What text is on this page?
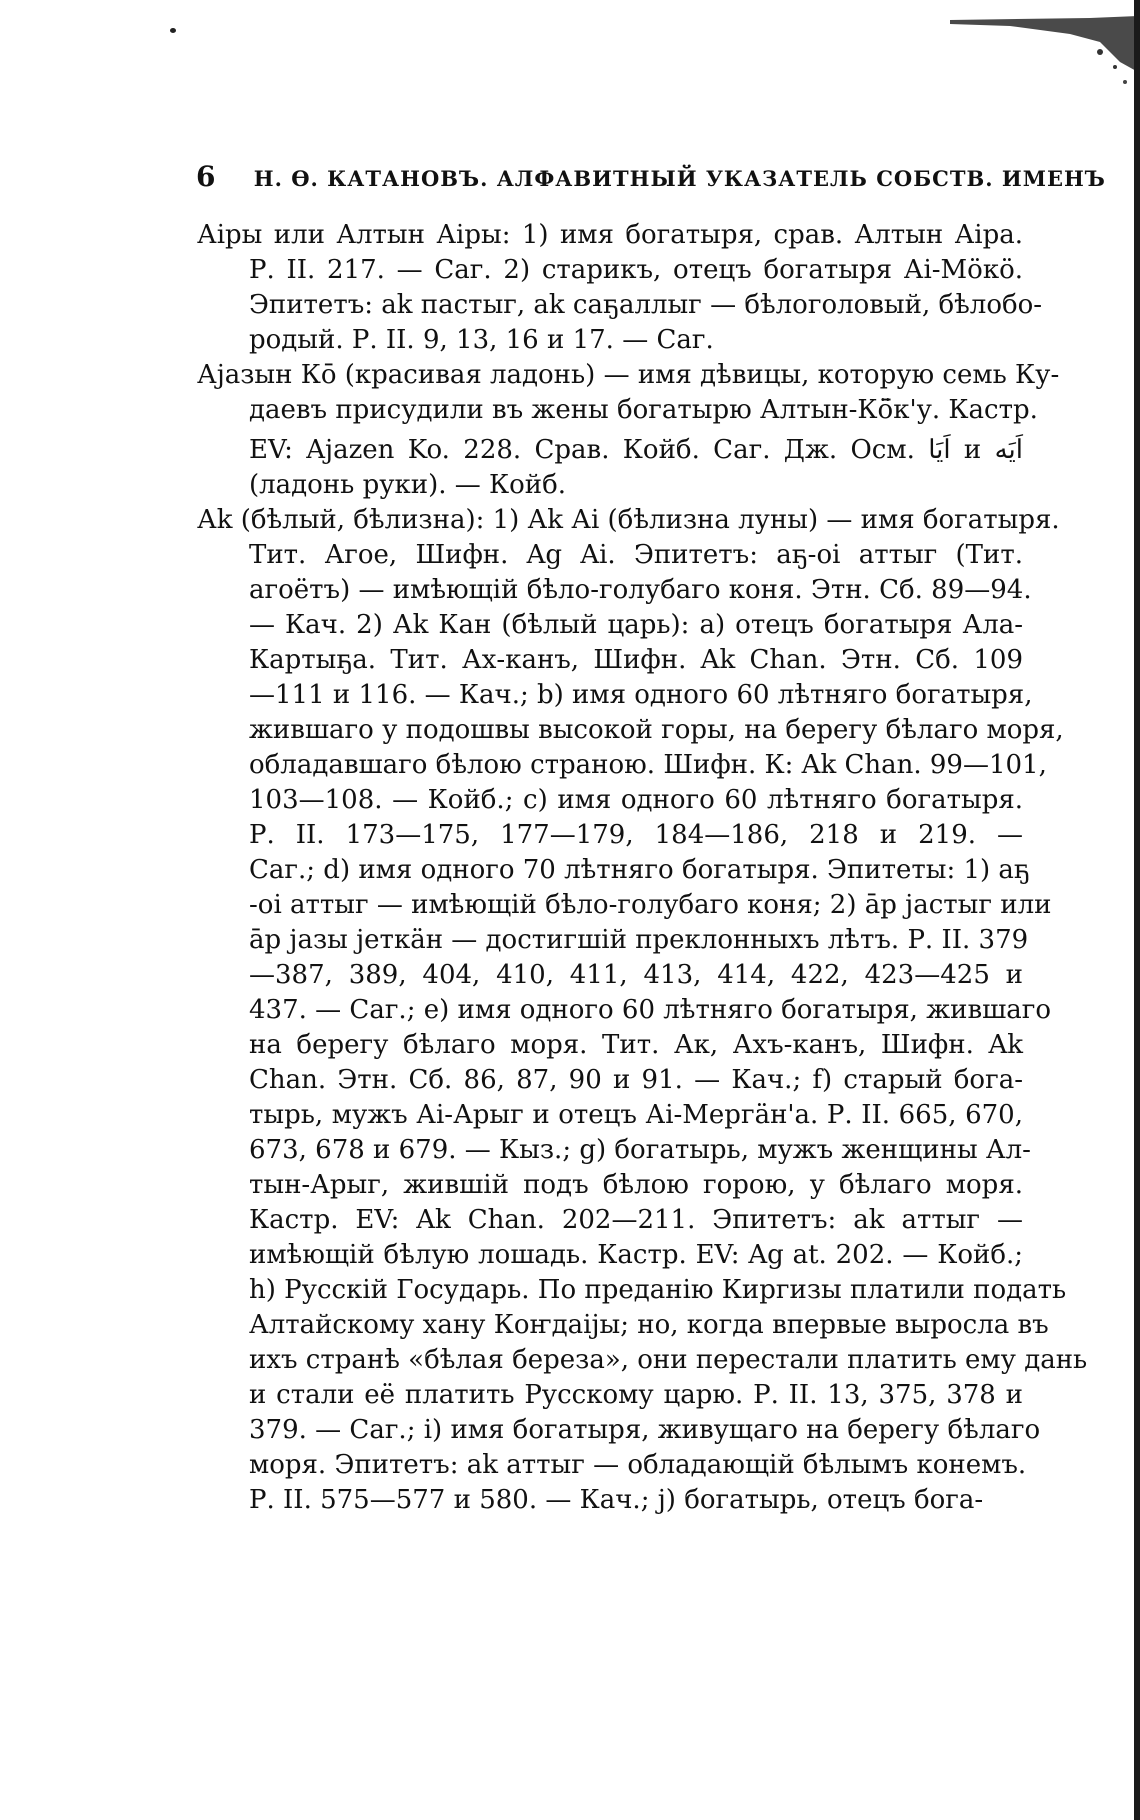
6 Н. Ѳ. КАТАНОВЪ. АЛФАВИТНЫЙ УКАЗАТЕЛЬ СОБСТВ. ИМЕНЪ
Аіры или Алтын Аіры: 1) имя богатыря, срав. Алтын Аіра.
Р. II. 217. — Саг. 2) старикъ, отецъ богатыря Аі-Мӧкӧ.
Эпитетъ: аk пастыг, аk саҕаллыг — бѣлоголовый, бѣлобо-
родый. Р. II. 9, 13, 16 и 17. — Саг.
Ајазын Кō (красивая ладонь) — имя дѣвицы, которую семь Ку-
даевъ присудили въ жены богатырю Алтын-Кӧ̄к'у. Кастр.
EV: Ajazen Ko. 228. Срав. Койб. Саг. Дж. Осм. اَيَا и اَيَه
(ладонь руки). — Койб.
Аk (бѣлый, бѣлизна): 1) Аk Аі (бѣлизна луны) — имя богатыря.
Тит. Агое, Шифн. Ag Ai. Эпитетъ: аҕ-оі аттыг (Тит.
агоётъ) — имѣющій бѣло-голубаго коня. Этн. Сб. 89—94.
— Кач. 2) Аk Кан (бѣлый царь): a) отецъ богатыря Ала-
Картыҕа. Тит. Ах-канъ, Шифн. Ak Chan. Этн. Сб. 109
—111 и 116. — Кач.; b) имя одного 60 лѣтняго богатыря,
жившаго у подошвы высокой горы, на берегу бѣлаго моря,
обладавшаго бѣлою страною. Шифн. К: Ak Chan. 99—101,
103—108. — Койб.; c) имя одного 60 лѣтняго богатыря.
Р. II. 173—175, 177—179, 184—186, 218 и 219. —
Саг.; d) имя одного 70 лѣтняго богатыря. Эпитеты: 1) аҕ
-оі аттыг — имѣющій бѣло-голубаго коня; 2) āр јастыг или
āр јазы јеткӓн — достигшій преклонныхъ лѣтъ. Р. II. 379
—387, 389, 404, 410, 411, 413, 414, 422, 423—425 и
437. — Саг.; e) имя одного 60 лѣтняго богатыря, жившаго
на берегу бѣлаго моря. Тит. Ак, Ахъ-канъ, Шифн. Ak
Chan. Этн. Сб. 86, 87, 90 и 91. — Кач.; f) старый бога-
тырь, мужъ Аі-Арыг и отецъ Аі-Мергӓн'а. Р. II. 665, 670,
673, 678 и 679. — Кыз.; g) богатырь, мужъ женщины Ал-
тын-Арыг, жившій подъ бѣлою горою, у бѣлаго моря.
Кастр. EV: Ak Chan. 202—211. Эпитетъ: аk аттыг —
имѣющій бѣлую лошадь. Кастр. EV: Ag at. 202. — Койб.;
h) Русскій Государь. По преданію Киргизы платили подать
Алтайскому хану Коҥдаіјы; но, когда впервые выросла въ
ихъ странѣ «бѣлая береза», они перестали платить ему дань
и стали её платить Русскому царю. Р. II. 13, 375, 378 и
379. — Саг.; i) имя богатыря, живущаго на берегу бѣлаго
моря. Эпитетъ: аk аттыг — обладающій бѣлымъ конемъ.
Р. II. 575—577 и 580. — Кач.; j) богатырь, отецъ бога-
